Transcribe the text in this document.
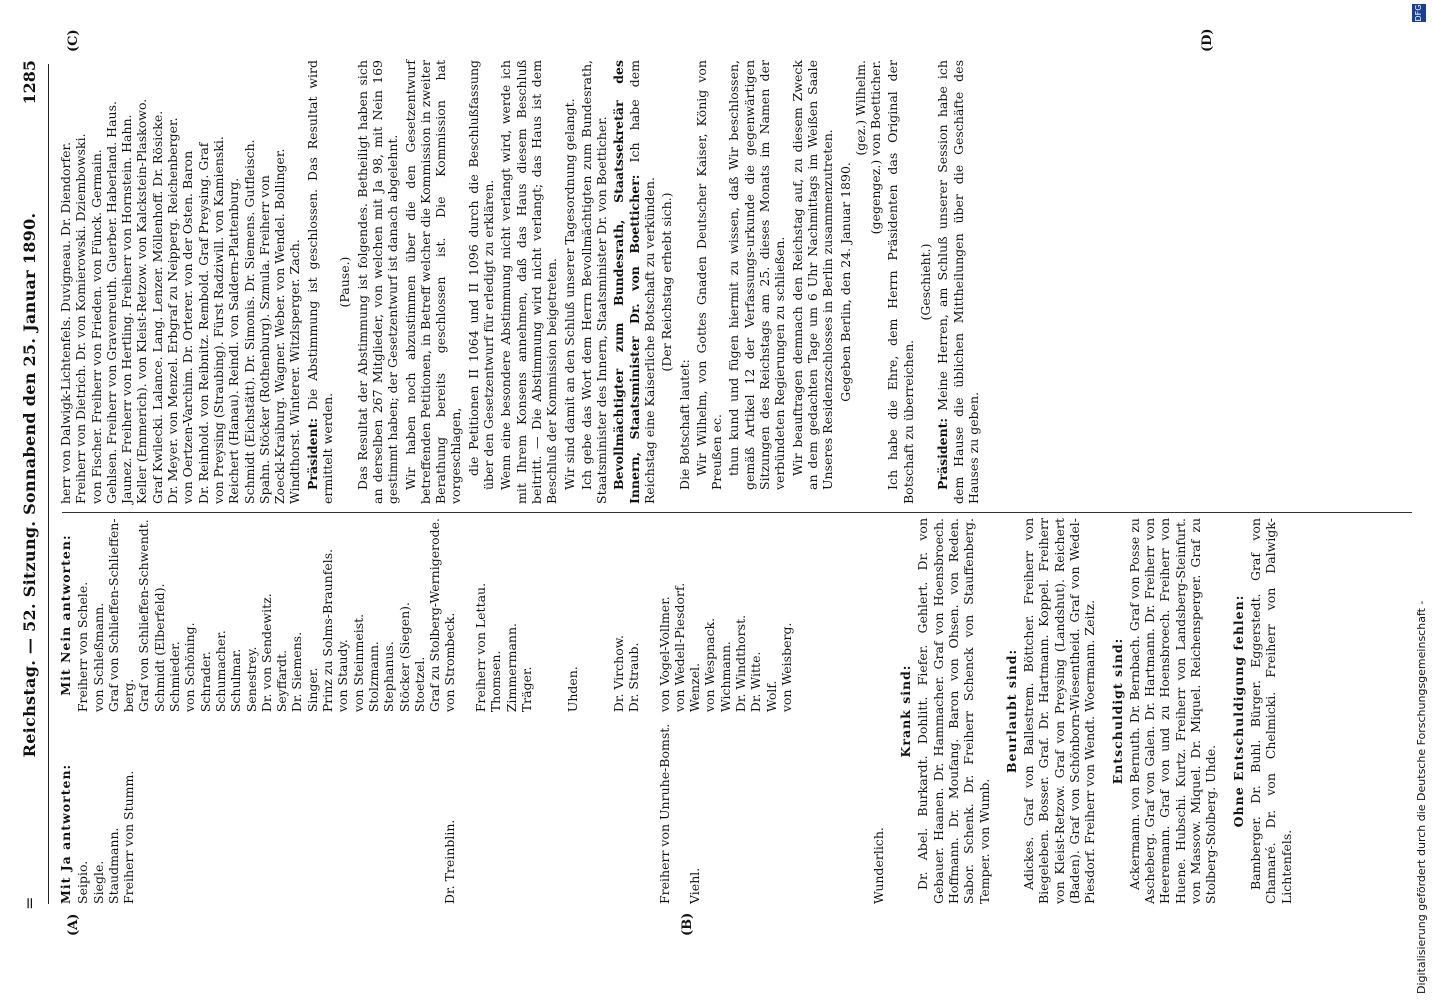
=
Reichstag. — 52. Sitzung. Sonnabend den 25. Januar 1890.
1285
(A)	(B)
(C)	(D)
Mit Ja antworten: Seipio. Siegle. Staudmann. Freiherr von Stumm.

	Dr. Treinblin.

	Freiherr von Unruhe-Bomst.
Viehl.

	Wunderlich.
Mit Nein antworten: Freiherr von Schele. von Schleßmann. Graf von Schlieffen-Schlieffen- berg. Graf von Schlieffen-Schwendt. Schmidt (Elberfeld). Schmieder. von Schöning. Schrader. Schumacher. Schulmar. Senestrey. Dr. von Sendewitz. Seyffardt. Dr. Siemens. Singer. Prinz zu Solms-Braunfels. von Staudy. von Steinmeist. Stolzmann. Stephanus. Stöcker (Siegen). Stoetzel. Graf zu Stolberg-Wernigerode. von Strombeck.
Freiherr von Lettau. Thomsen. Zimmermann. Träger.

Uhden.

Dr. Virchow. Dr. Straub.
von Vogel-Vollmer. von Wedell-Piesdorf. Wenzel. von Wespnack. Wichmann. Dr. Windthorst. Dr. Witte. Wolf. von Weisberg.	Krank sind: Dr. Abel. Burkardt. Dohlitt. Fiefer. Gehlert. Dr. von Gebauer. Haanen. Dr. Hammacher. Graf von Hoensbroech. Hoffmann. Dr. Moufang. Baron von Ohsen. von Reden. Sabor. Schenk. Dr. Freiherr Schenck von Stauffenberg. Temper. von Wumb.
Beurlaubt sind: Adickes. Graf von Ballestrem. Böttcher. Freiherr von Biegeleben. Bosser. Graf. Dr. Hartmann. Koppel. Freiherr von Kleist-Retzow. Graf von Preysing (Landshut). Reichert (Baden). Graf von Schönborn-Wiesentheid. Graf von Wedel-Piesdorf. Freiherr von Wendt. Woermann. Zeitz. Entschuldigt sind: Ackermann. von Bernuth. Dr. Bernbach. Graf von Posse zu Ascheberg. Graf von Galen. Dr. Hartmann. Dr. Freiherr von Heeremann. Graf von und zu Hoensbroech. Freiherr von Huene. Hubschi. Kurtz. Freiherr von Landsberg-Steinfurt. von Massow. Miquel. Dr. Miquel. Reichensperger. Graf zu Stolberg-Stolberg. Uhde. Ohne Entschuldigung fehlen: Bamberger. Dr. Buhl. Bürger. Eggerstedt. Graf von Chamaré. Dr. von Chelmicki. Freiherr von Dalwigk-Lichtenfels.
herr von Dalwigk-Lichtenfels. Duvigneau. Dr. Diendorfer. Freiherr von Dietrich. Dr. von Komierowski. Dziembowski. von Fischer. Freiherr von Frieden. von Fünck. Germain. Gehlsen. Freiherr von Gravenreuth. Guerber. Haberland. Haus. Jaunez. Freiherr von Hertling. Freiherr von Hornstein. Hahn. Keller (Emmerich). von Kleist-Retzow. von Kalckstein-Plaskowo. Graf Kwilecki. Lalance. Lang. Lenzer. Möllenhoff. Dr. Rösicke. Dr. Meyer. von Menzel. Erbgraf zu Neipperg. Reichenberger. von Oertzen-Varchim. Dr. Orterer. von der Osten. Baron Dr. Reinhold. von Reibnitz. Rembold. Graf Preysing. Graf von Preysing (Straubing). Fürst Radziwill. von Kamienski. Reichert (Hanau). Reindl. von Saldern-Plattenburg. Schmidt (Eichstätt). Dr. Simonis. Dr. Siemens. Gutfleisch. Spahn. Stöcker (Rothenburg). Szmula. Freiherr von Zoeckl-Kraiburg. Wagner. Weber. von Wendel. Bollinger. Windthorst. Winterer. Witzlsperger. Zach. Präsident: Die Abstimmung ist geschlossen. Das Resultat wird ermittelt werden.
(Pause.) Das Resultat der Abstimmung ist folgendes. Betheiligt haben sich an derselben 267 Mitglieder, von welchen mit Ja 98, mit Nein 169 gestimmt haben; der Gesetzentwurf ist danach abgelehnt. Wir haben noch abzustimmen über die den Gesetzentwurf betreffenden Petitionen, in Betreff welcher die Kommission in zweiter Berathung bereits geschlossen ist. Die Kommission hat vorgeschlagen, die Petitionen II 1064 und II 1096 durch die Beschlußfassung über den Gesetzentwurf für erledigt zu erklären. Wenn eine besondere Abstimmung nicht verlangt wird, werde ich mit Ihrem Konsens annehmen, daß das Haus diesem Beschluß beitritt. — Die Abstimmung wird nicht verlangt; das Haus ist dem Beschluß der Kommission beigetreten. Wir sind damit an den Schluß unserer Tagesordnung gelangt. Ich gebe das Wort dem Herrn Bevollmächtigten zum Bundesrath, Staatsminister des Innern, Staatsminister Dr. von Boetticher. Bevollmächtigter zum Bundesrath, Staatssekretär des Innern, Staatsminister Dr. von Boetticher: Ich habe dem Reichstag eine Kaiserliche Botschaft zu verkünden. (Der Reichstag erhebt sich.)
Die Botschaft lautet: Wir Wilhelm, von Gottes Gnaden Deutscher Kaiser, König von Preußen ec. thun kund und fügen hiermit zu wissen, daß Wir beschlossen, gemäß Artikel 12 der Verfassungs-urkunde die gegenwärtigen Sitzungen des Reichstags am 25. dieses Monats im Namen der verbündeten Regierungen zu schließen. Wir beauftragen demnach den Reichstag auf, zu diesem Zweck an dem gedachten Tage um 6 Uhr Nachmittags im Weißen Saale Unseres Residenzschlosses in Berlin zusammenzutreten. Gegeben Berlin, den 24. Januar 1890.
(gez.) Wilhelm. (gegengez.) von Boetticher. Ich habe die Ehre, dem Herrn Präsidenten das Original der Botschaft zu überreichen.
(Geschieht.)
Präsident: Meine Herren, am Schluß unserer Session habe ich dem Hause die üblichen Mittheilungen über die Geschäfte des Hauses zu geben.
Digitalisierung gefördert durch die Deutsche Forschungsgemeinschaft -
DFG
